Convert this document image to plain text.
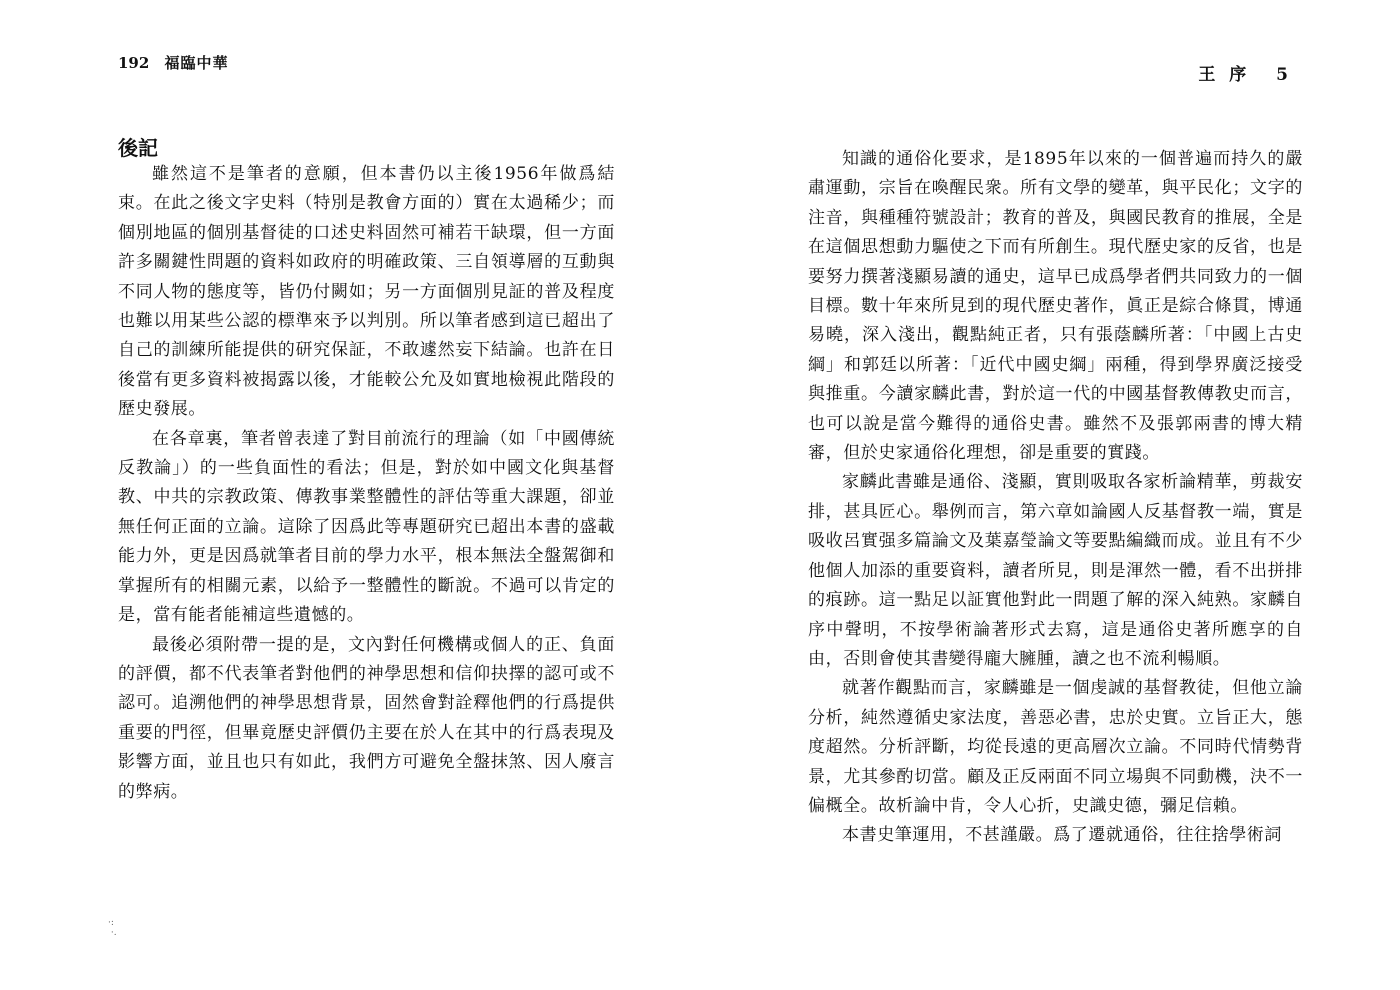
192 福臨中華
後記

雖然這不是筆者的意願，但本書仍以主後1956年做爲結束。在此之後文字史料（特別是教會方面的）實在太過稀少；而個別地區的個別基督徒的口述史料固然可補若干缺環，但一方面許多關鍵性問題的資料如政府的明確政策、三自領導層的互動與不同人物的態度等，皆仍付闕如；另一方面個別見証的普及程度也難以用某些公認的標準來予以判別。所以筆者感到這已超出了自己的訓練所能提供的研究保証，不敢遽然妄下結論。也許在日後當有更多資料被揭露以後，才能較公允及如實地檢視此階段的歷史發展。

在各章裏，筆者曾表達了對目前流行的理論（如「中國傳統反教論」）的一些負面性的看法；但是，對於如中國文化與基督教、中共的宗教政策、傳教事業整體性的評估等重大課題，卻並無任何正面的立論。這除了因爲此等專題研究已超出本書的盛載能力外，更是因爲就筆者目前的學力水平，根本無法全盤駕御和掌握所有的相關元素，以給予一整體性的斷說。不過可以肯定的是，當有能者能補這些遺憾的。

最後必須附帶一提的是，文內對任何機構或個人的正、負面的評價，都不代表筆者對他們的神學思想和信仰抉擇的認可或不認可。追溯他們的神學思想背景，固然會對詮釋他們的行爲提供重要的門徑，但畢竟歷史評價仍主要在於人在其中的行爲表現及影響方面，並且也只有如此，我們方可避免全盤抹煞、因人廢言的弊病。

·:
·.
王 序 5

知識的通俗化要求，是1895年以來的一個普遍而持久的嚴肅運動，宗旨在喚醒民衆。所有文學的變革，與平民化；文字的注音，與種種符號設計；教育的普及，與國民教育的推展，全是在這個思想動力驅使之下而有所創生。現代歷史家的反省，也是要努力撰著淺顯易讀的通史，這早已成爲學者們共同致力的一個目標。數十年來所見到的現代歷史著作，眞正是綜合條貫，博通易曉，深入淺出，觀點純正者，只有張蔭麟所著：「中國上古史綱」和郭廷以所著：「近代中國史綱」兩種，得到學界廣泛接受與推重。今讀家麟此書，對於這一代的中國基督教傳教史而言，也可以說是當今難得的通俗史書。雖然不及張郭兩書的博大精審，但於史家通俗化理想，卻是重要的實踐。

家麟此書雖是通俗、淺顯，實則吸取各家析論精華，剪裁安排，甚具匠心。舉例而言，第六章如論國人反基督教一端，實是吸收呂實强多篇論文及葉嘉瑩論文等要點編織而成。並且有不少他個人加添的重要資料，讀者所見，則是渾然一體，看不出拼排的痕跡。這一點足以証實他對此一問題了解的深入純熟。家麟自序中聲明，不按學術論著形式去寫，這是通俗史著所應享的自由，否則會使其書變得龐大臃腫，讀之也不流利暢順。

就著作觀點而言，家麟雖是一個虔誠的基督教徒，但他立論分析，純然遵循史家法度，善惡必書，忠於史實。立旨正大，態度超然。分析評斷，均從長遠的更高層次立論。不同時代情勢背景，尤其參酌切當。顧及正反兩面不同立場與不同動機，決不一偏概全。故析論中肯，令人心折，史識史德，彌足信賴。

本書史筆運用，不甚謹嚴。爲了遷就通俗，往往捨學術詞
